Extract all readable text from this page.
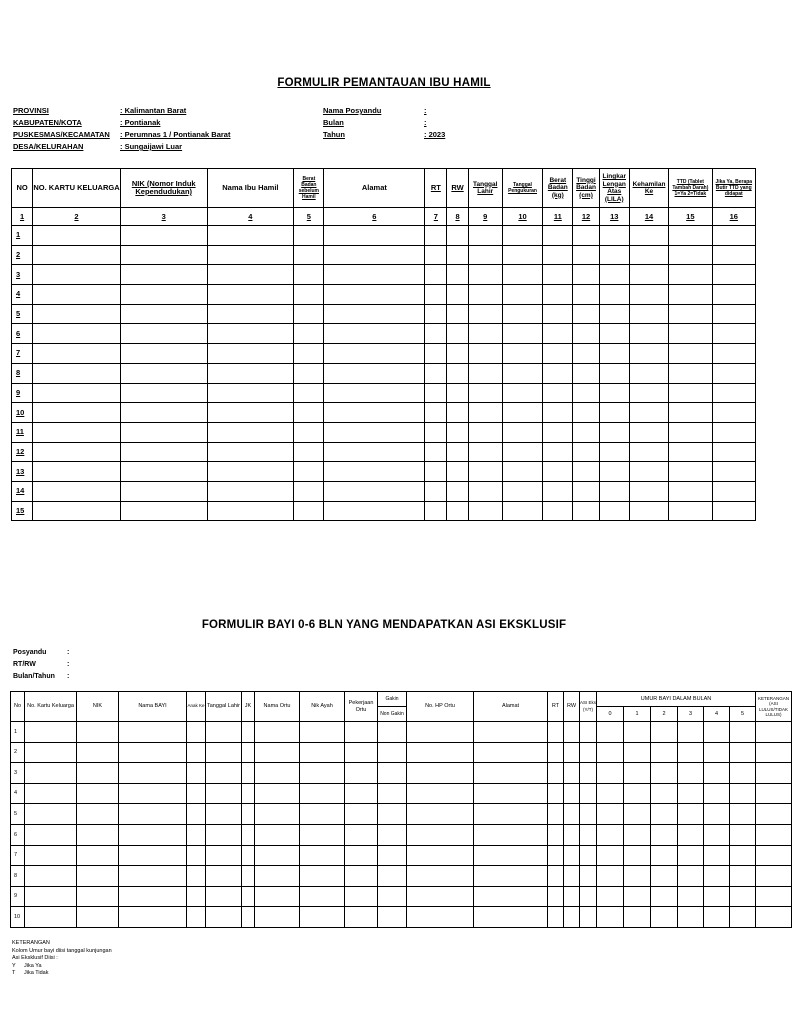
FORMULIR PEMANTAUAN IBU HAMIL
PROVINSI	: Kalimantan Barat
KABUPATEN/KOTA	: Pontianak
PUSKESMAS/KECAMATAN : Perumnas 1 / Pontianak Barat
DESA/KELURAHAN	: Sungaijawi Luar
Nama Posyandu	:
Bulan	:
Tahun	: 2023
NO	NO. KARTU KELUARGA	NIK (Nomor Induk Kependudukan)	Nama Ibu Hamil	Berat Badan sebelum Hamil	Alamat	RT	RW	Tanggal Lahir	Tanggal Pengukuran	Berat Badan (kg)	Tinggi Badan (cm)	Lingkar Lengan Atas (LILA)	Kehamilan Ke	TTD (Tablet Tambah Darah) 1=Ya 2=Tidak	Jika Ya, Berapa Butir TTD yang didapat
1	2	3	4	5	6	7	8	9	10	11	12	13	14	15	16
1															
2															
3															
4															
5															
6															
7															
8															
9															
10															
11															
12															
13															
14															
15															
FORMULIR BAYI 0-6 BLN YANG MENDAPATKAN ASI EKSKLUSIF
Posyandu	:
RT/RW	:
Bulan/Tahun :
No	No. Kartu Keluarga	NIK	Nama BAYI	Anak Ke	Tanggal Lahir	JK	Nama Ortu	Nik Ayah	Pekerjaan Ortu	Gakin	No. HP Ortu	Alamat	RT	RW	ASI Eks (Y/T)	UMUR BAYI DALAM BULAN						KETERANGAN (ASI LULUS/TIDAK LULUS)
										Non Gakin						0	1	2	3	4	5	
1																						
2																						
3																						
4																						
5																						
6																						
7																						
8																						
9																						
10																						
KETERANGAN
Kolom Umur bayi diisi tanggal kunjungan
Asi Eksklusif Diisi :
Y Jika Ya
T Jika Tidak
